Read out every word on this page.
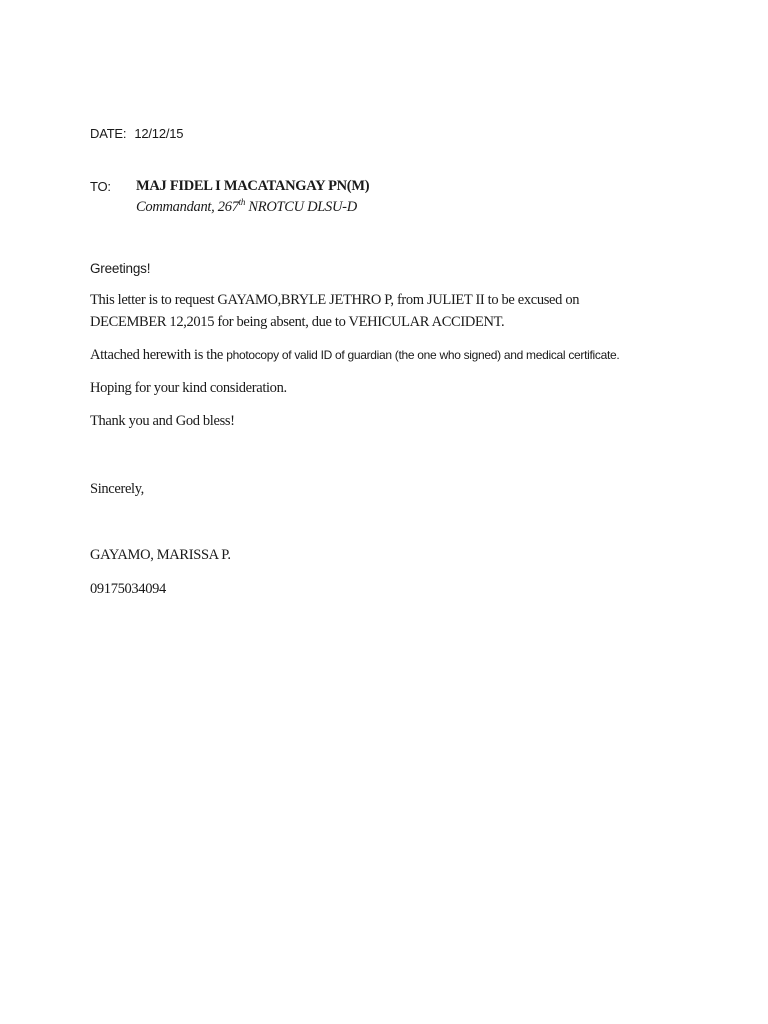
DATE: 12/12/15
TO: MAJ FIDEL I MACATANGAY PN(M)
Commandant, 267th NROTCU DLSU-D
Greetings!
This letter is to request GAYAMO,BRYLE JETHRO P, from JULIET II to be excused on
DECEMBER 12,2015 for being absent, due to VEHICULAR ACCIDENT.
Attached herewith is the photocopy of valid ID of guardian (the one who signed) and medical certificate.
Hoping for your kind consideration.
Thank you and God bless!
Sincerely,
GAYAMO, MARISSA P.
09175034094
